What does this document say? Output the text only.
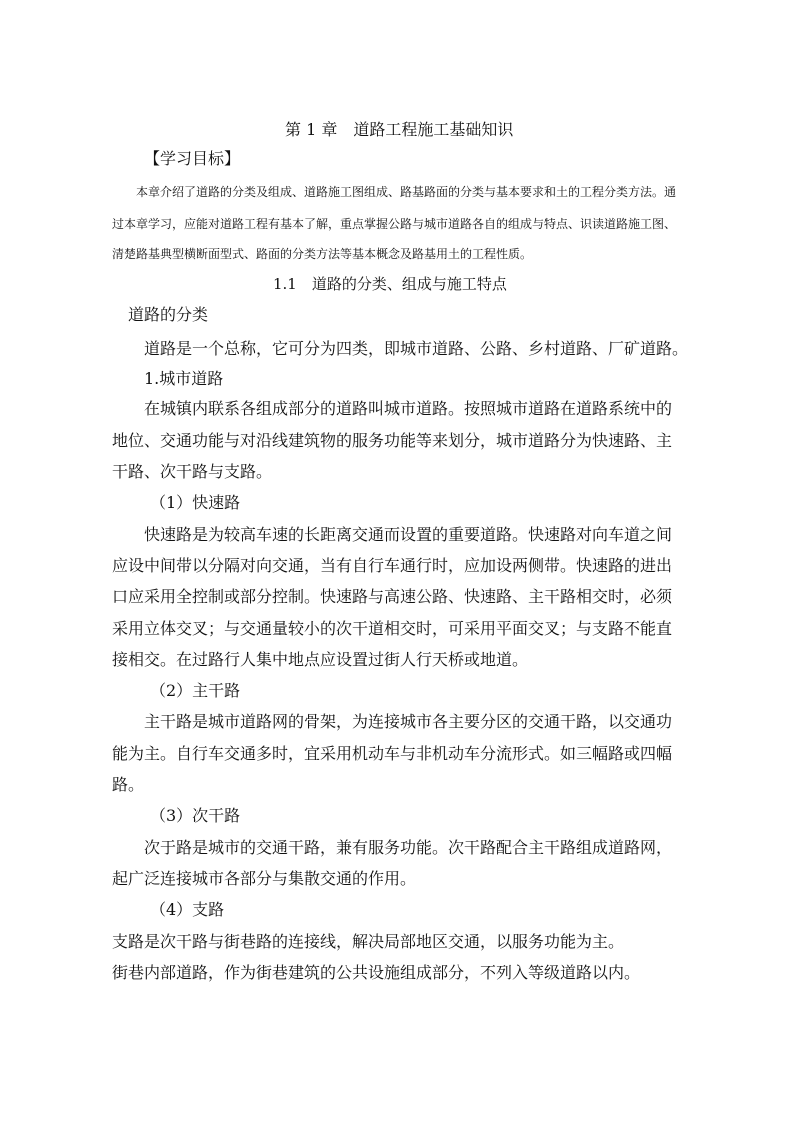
第 1 章　道路工程施工基础知识
【学习目标】
本章介绍了道路的分类及组成、道路施工图组成、路基路面的分类与基本要求和土的工程分类方法。通
过本章学习，应能对道路工程有基本了解，重点掌握公路与城市道路各自的组成与特点、识读道路施工图、
清楚路基典型横断面型式、路面的分类方法等基本概念及路基用土的工程性质。
1.1　道路的分类、组成与施工特点
道路的分类
道路是一个总称，它可分为四类，即城市道路、公路、乡村道路、厂矿道路。
1.城市道路
在城镇内联系各组成部分的道路叫城市道路。按照城市道路在道路系统中的
地位、交通功能与对沿线建筑物的服务功能等来划分，城市道路分为快速路、主
干路、次干路与支路。
（1）快速路
快速路是为较高车速的长距离交通而设置的重要道路。快速路对向车道之间
应设中间带以分隔对向交通，当有自行车通行时，应加设两侧带。快速路的进出
口应采用全控制或部分控制。快速路与高速公路、快速路、主干路相交时，必须
采用立体交叉；与交通量较小的次干道相交时，可采用平面交叉；与支路不能直
接相交。在过路行人集中地点应设置过街人行天桥或地道。
（2）主干路
主干路是城市道路网的骨架，为连接城市各主要分区的交通干路，以交通功
能为主。自行车交通多时，宜采用机动车与非机动车分流形式。如三幅路或四幅
路。
（3）次干路
次于路是城市的交通干路，兼有服务功能。次干路配合主干路组成道路网，
起广泛连接城市各部分与集散交通的作用。
（4）支路
支路是次干路与街巷路的连接线，解决局部地区交通，以服务功能为主。
街巷内部道路，作为街巷建筑的公共设施组成部分，不列入等级道路以内。
